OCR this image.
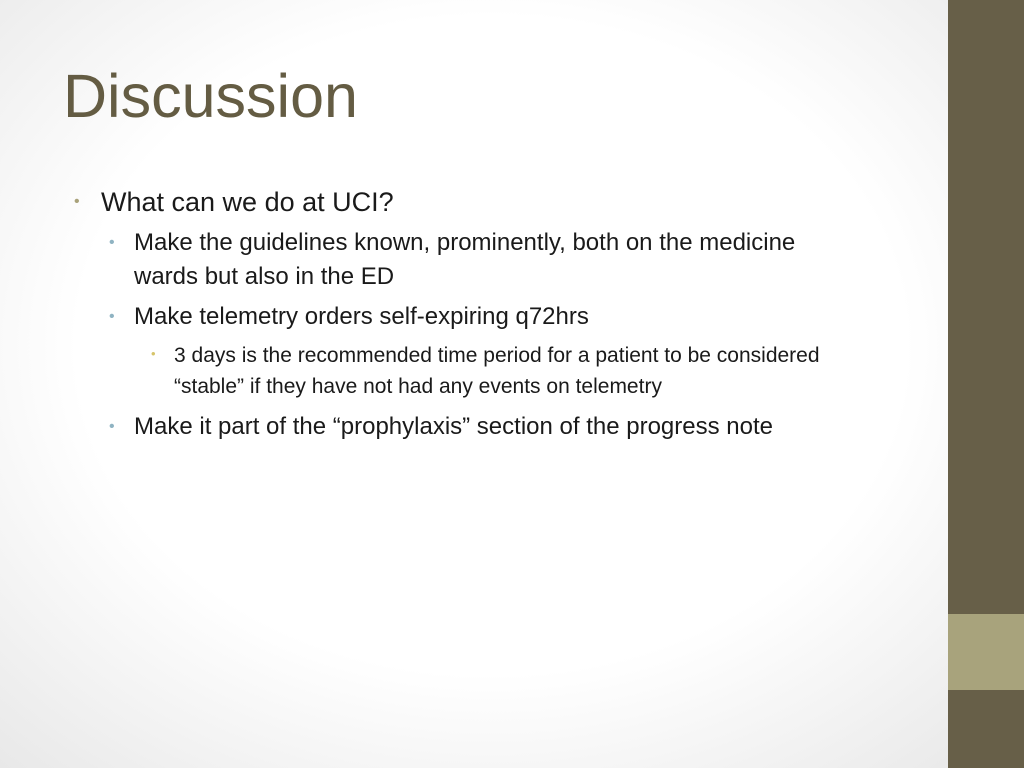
Discussion
• What can we do at UCI?
• Make the guidelines known, prominently, both on the medicine wards but also in the ED
• Make telemetry orders self-expiring q72hrs
• 3 days is the recommended time period for a patient to be considered “stable” if they have not had any events on telemetry
• Make it part of the “prophylaxis” section of the progress note
